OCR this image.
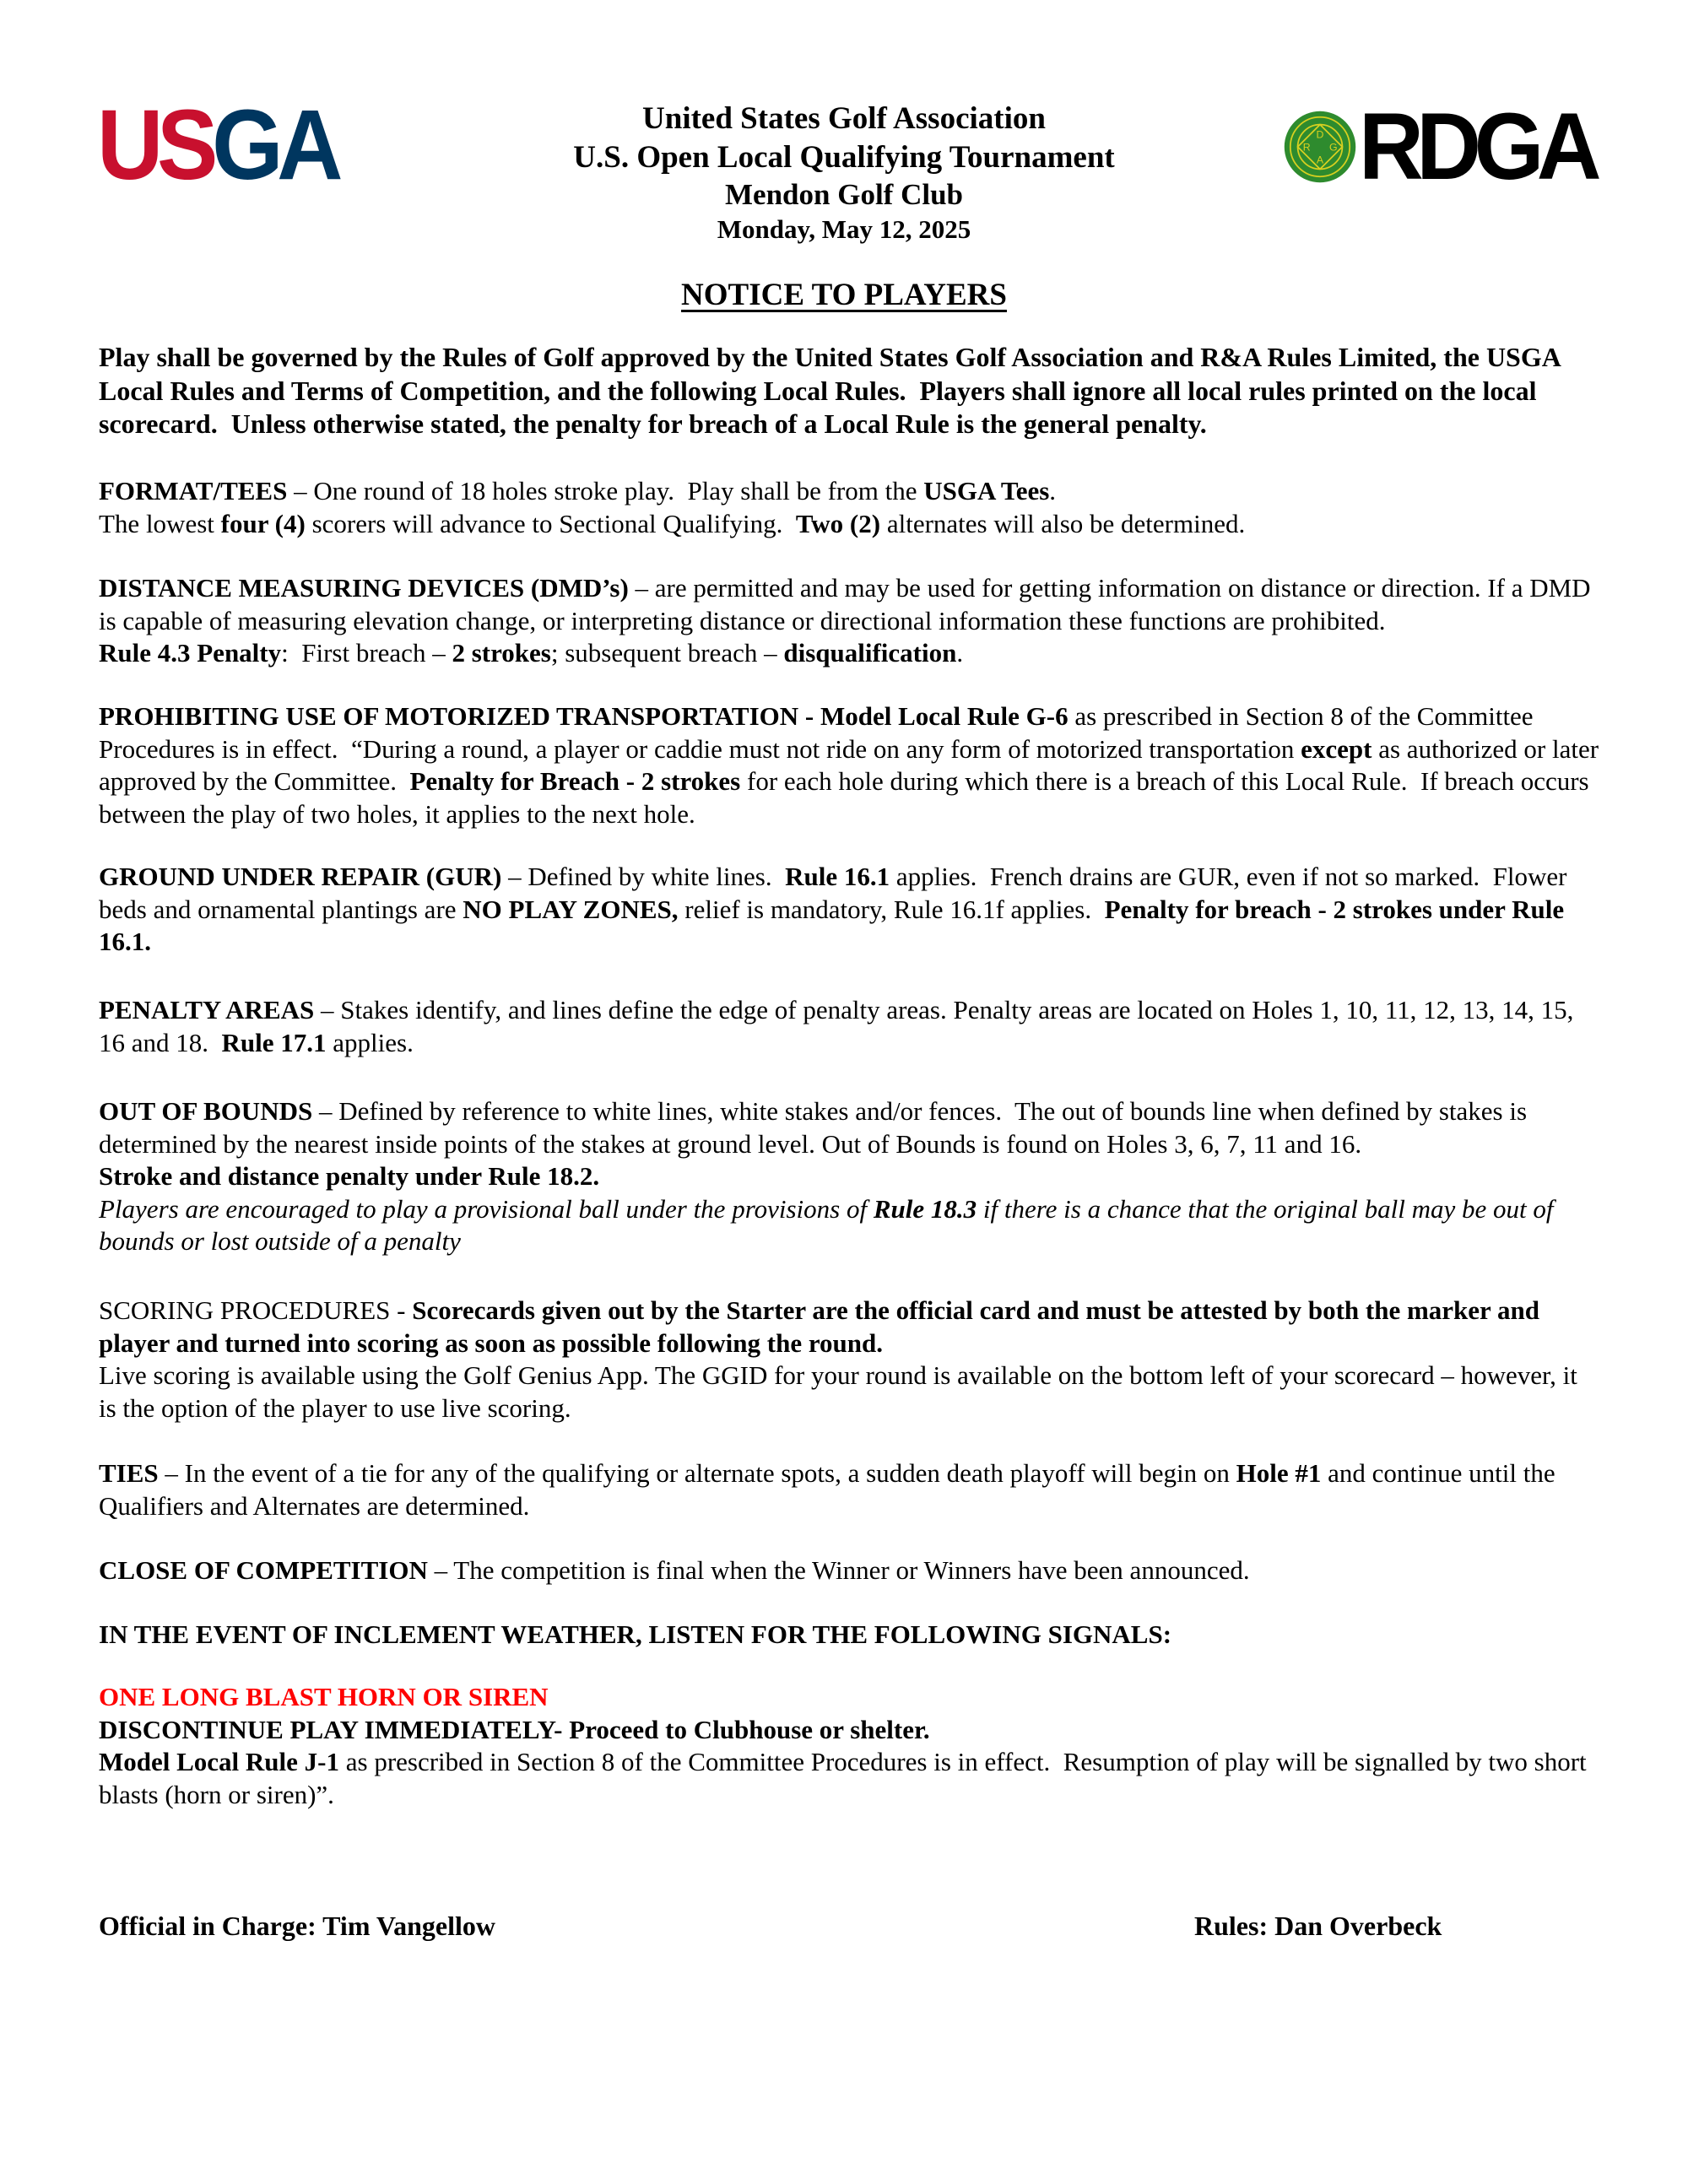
USGA	D
R G
A RDGA
United States Golf Association
U.S. Open Local Qualifying Tournament
Mendon Golf Club
Monday, May 12, 2025
NOTICE TO PLAYERS
Play shall be governed by the Rules of Golf approved by the United States Golf Association and R&A Rules Limited, the USGA Local Rules and Terms of Competition, and the following Local Rules.  Players shall ignore all local rules printed on the local scorecard.  Unless otherwise stated, the penalty for breach of a Local Rule is the general penalty.
FORMAT/TEES – One round of 18 holes stroke play.  Play shall be from the USGA Tees.
The lowest four (4) scorers will advance to Sectional Qualifying.  Two (2) alternates will also be determined.
DISTANCE MEASURING DEVICES (DMD’s) – are permitted and may be used for getting information on distance or direction. If a DMD is capable of measuring elevation change, or interpreting distance or directional information these functions are prohibited.
Rule 4.3 Penalty:  First breach – 2 strokes; subsequent breach – disqualification.
PROHIBITING USE OF MOTORIZED TRANSPORTATION - Model Local Rule G-6 as prescribed in Section 8 of the Committee Procedures is in effect.  “During a round, a player or caddie must not ride on any form of motorized transportation except as authorized or later approved by the Committee.  Penalty for Breach - 2 strokes for each hole during which there is a breach of this Local Rule.  If breach occurs between the play of two holes, it applies to the next hole.
GROUND UNDER REPAIR (GUR) – Defined by white lines.  Rule 16.1 applies.  French drains are GUR, even if not so marked.  Flower beds and ornamental plantings are NO PLAY ZONES, relief is mandatory, Rule 16.1f applies.  Penalty for breach - 2 strokes under Rule 16.1.
PENALTY AREAS – Stakes identify, and lines define the edge of penalty areas. Penalty areas are located on Holes 1, 10, 11, 12, 13, 14, 15, 16 and 18.  Rule 17.1 applies.
OUT OF BOUNDS – Defined by reference to white lines, white stakes and/or fences.  The out of bounds line when defined by stakes is determined by the nearest inside points of the stakes at ground level. Out of Bounds is found on Holes 3, 6, 7, 11 and 16.
Stroke and distance penalty under Rule 18.2.
Players are encouraged to play a provisional ball under the provisions of Rule 18.3 if there is a chance that the original ball may be out of bounds or lost outside of a penalty
SCORING PROCEDURES - Scorecards given out by the Starter are the official card and must be attested by both the marker and player and turned into scoring as soon as possible following the round.
Live scoring is available using the Golf Genius App. The GGID for your round is available on the bottom left of your scorecard – however, it is the option of the player to use live scoring.
TIES – In the event of a tie for any of the qualifying or alternate spots, a sudden death playoff will begin on Hole #1 and continue until the Qualifiers and Alternates are determined.
CLOSE OF COMPETITION – The competition is final when the Winner or Winners have been announced.
IN THE EVENT OF INCLEMENT WEATHER, LISTEN FOR THE FOLLOWING SIGNALS:
ONE LONG BLAST HORN OR SIREN
DISCONTINUE PLAY IMMEDIATELY- Proceed to Clubhouse or shelter.
Model Local Rule J-1 as prescribed in Section 8 of the Committee Procedures is in effect.  Resumption of play will be signalled by two short blasts (horn or siren)”.
Official in Charge: Tim Vangellow	Rules: Dan Overbeck
